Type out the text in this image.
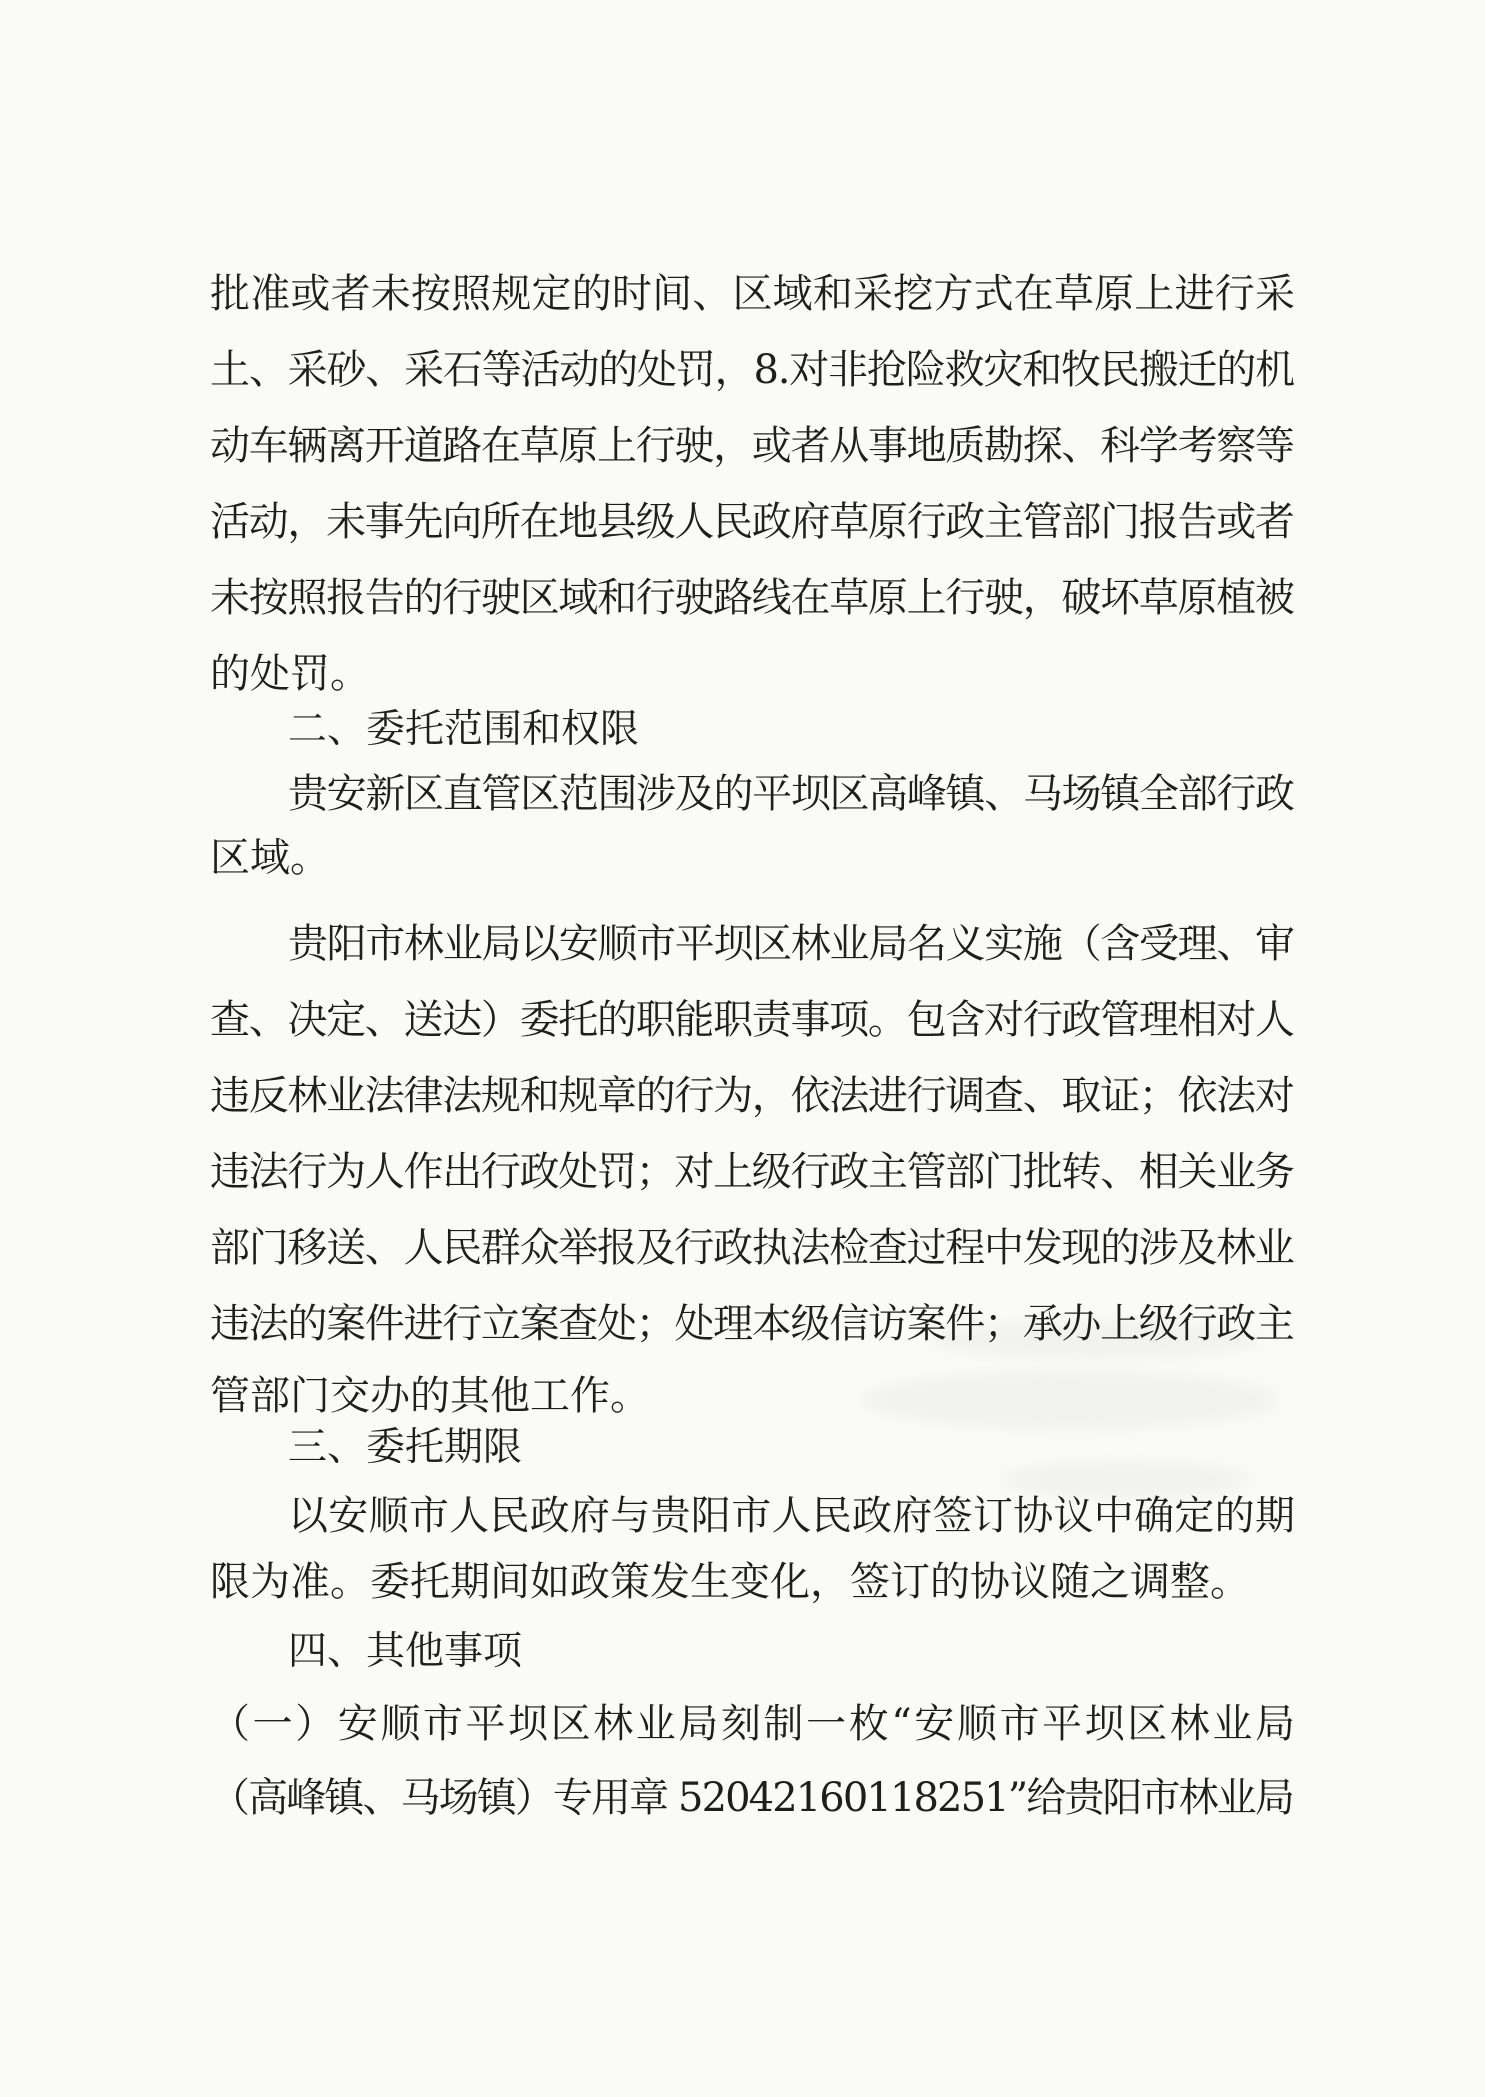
批准或者未按照规定的时间、区域和采挖方式在草原上进行采
土、采砂、采石等活动的处罚，8.对非抢险救灾和牧民搬迁的机
动车辆离开道路在草原上行驶，或者从事地质勘探、科学考察等
活动，未事先向所在地县级人民政府草原行政主管部门报告或者
未按照报告的行驶区域和行驶路线在草原上行驶，破坏草原植被
的处罚。
二、委托范围和权限
贵安新区直管区范围涉及的平坝区高峰镇、马场镇全部行政
区域。
贵阳市林业局以安顺市平坝区林业局名义实施（含受理、审
查、决定、送达）委托的职能职责事项。包含对行政管理相对人
违反林业法律法规和规章的行为，依法进行调查、取证；依法对
违法行为人作出行政处罚；对上级行政主管部门批转、相关业务
部门移送、人民群众举报及行政执法检查过程中发现的涉及林业
违法的案件进行立案查处；处理本级信访案件；承办上级行政主
管部门交办的其他工作。
三、委托期限
以安顺市人民政府与贵阳市人民政府签订协议中确定的期
限为准。委托期间如政策发生变化，签订的协议随之调整。
四、其他事项
（一）安顺市平坝区林业局刻制一枚“安顺市平坝区林业局
（高峰镇、马场镇）专用章 52042160118251”给贵阳市林业局
